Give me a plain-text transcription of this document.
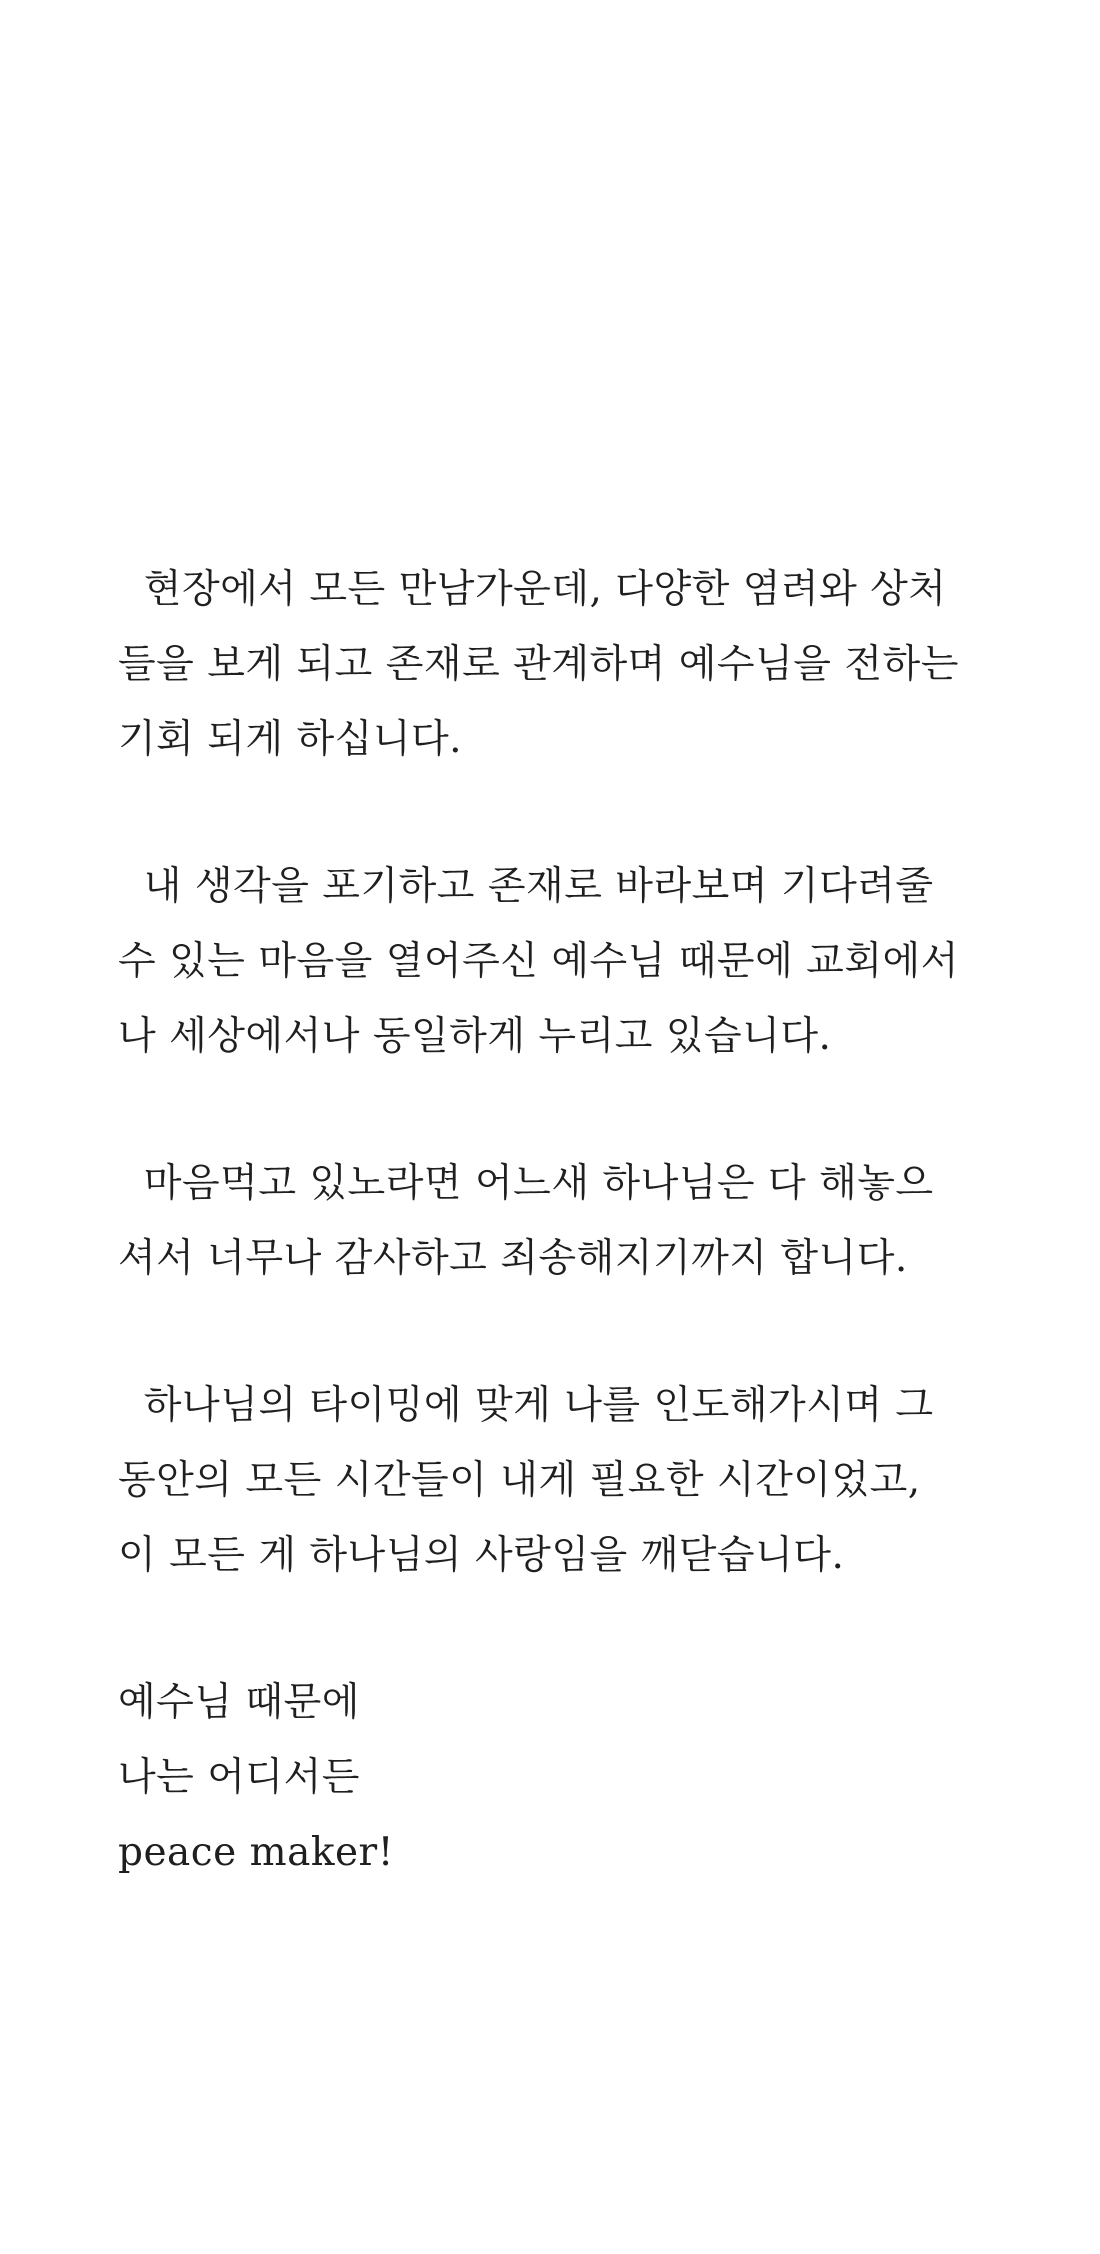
현장에서 모든 만남가운데, 다양한 염려와 상처
들을 보게 되고 존재로 관계하며 예수님을 전하는
기회 되게 하십니다.
내 생각을 포기하고 존재로 바라보며 기다려줄
수 있는 마음을 열어주신 예수님 때문에 교회에서
나 세상에서나 동일하게 누리고 있습니다.
마음먹고 있노라면 어느새 하나님은 다 해놓으
셔서 너무나 감사하고 죄송해지기까지 합니다.
하나님의 타이밍에 맞게 나를 인도해가시며 그
동안의 모든 시간들이 내게 필요한 시간이었고,
이 모든 게 하나님의 사랑임을 깨닫습니다.
예수님 때문에
나는 어디서든
peace maker!
